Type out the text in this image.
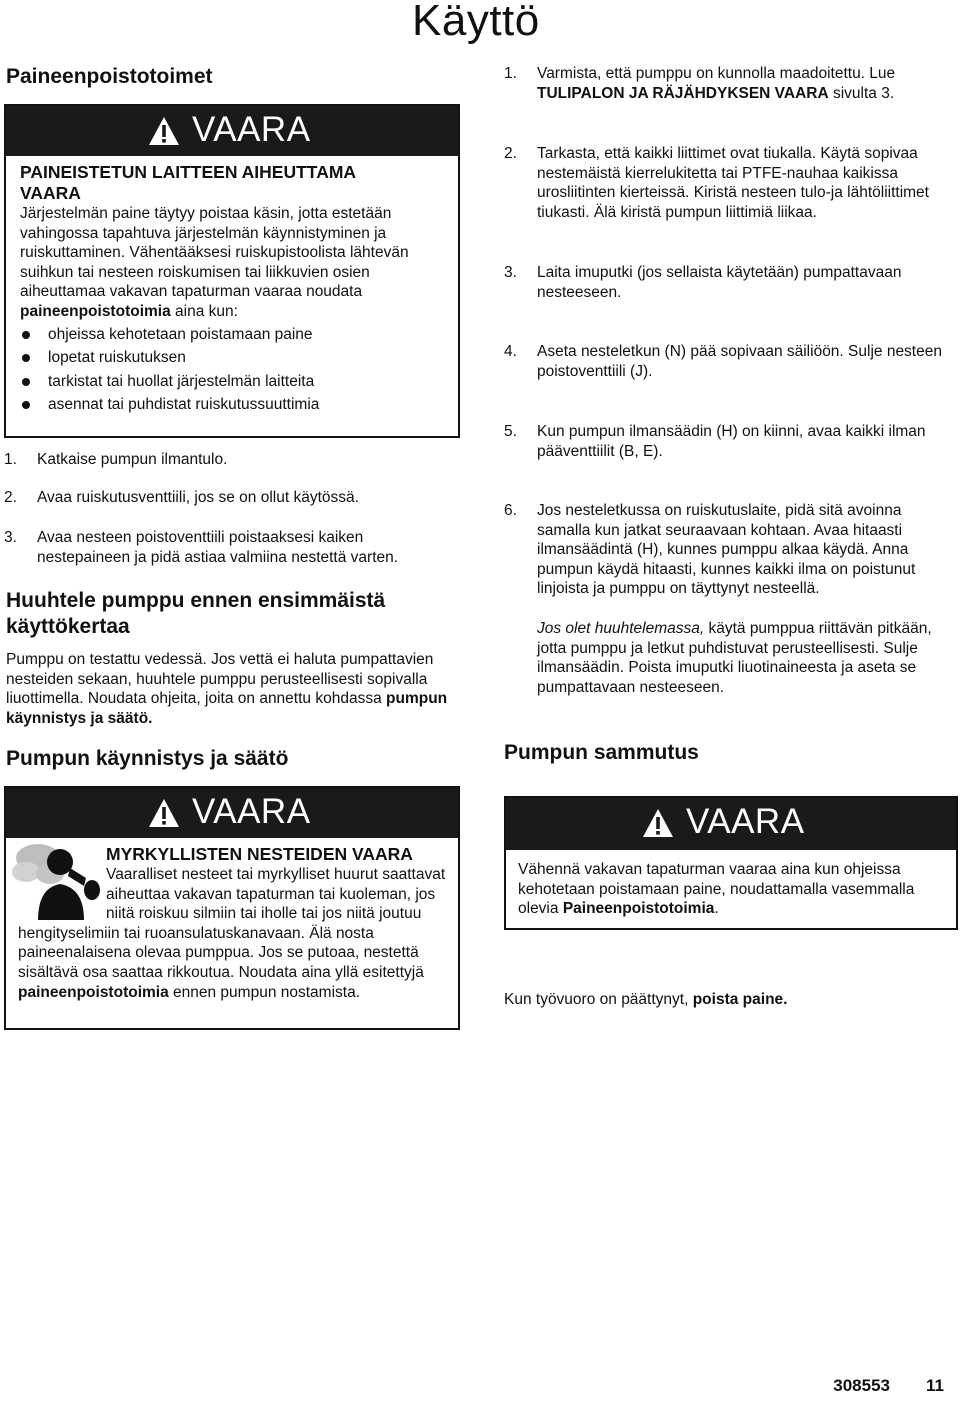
Käyttö
Paineenpoistotoimet
VAARA
PAINEISTETUN LAITTEEN AIHEUTTAMA VAARA
Järjestelmän paine täytyy poistaa käsin, jotta estetään vahingossa tapahtuva järjestelmän käynnistyminen ja ruiskuttaminen. Vähentääksesi ruiskupistoolista lähtevän suihkun tai nesteen roiskumisen tai liikkuvien osien aiheuttamaa vakavan tapaturman vaaraa noudata paineenpoistotoimia aina kun:
ohjeissa kehotetaan poistamaan paine
lopetat ruiskutuksen
tarkistat tai huollat järjestelmän laitteita
asennat tai puhdistat ruiskutussuuttimia
1. Katkaise pumpun ilmantulo.
2. Avaa ruiskutusventtiili, jos se on ollut käytössä.
3. Avaa nesteen poistoventtiili poistaaksesi kaiken nestepaineen ja pidä astiaa valmiina nestettä varten.
Huuhtele pumppu ennen ensimmäistä käyttökertaa
Pumppu on testattu vedessä. Jos vettä ei haluta pumpattavien nesteiden sekaan, huuhtele pumppu perusteellisesti sopivalla liuottimella. Noudata ohjeita, joita on annettu kohdassa pumpun käynnistys ja säätö.
Pumpun käynnistys ja säätö
VAARA
MYRKYLLISTEN NESTEIDEN VAARA
Vaaralliset nesteet tai myrkylliset huurut saattavat aiheuttaa vakavan tapaturman tai kuoleman, jos niitä roiskuu silmiin tai iholle tai jos niitä joutuu hengityselimiin tai ruoansulatuskanavaan. Älä nosta paineenalaisena olevaa pumppua. Jos se putoaa, nestettä sisältävä osa saattaa rikkoutua. Noudata aina yllä esitettyjä paineenpoistotoimia ennen pumpun nostamista.
1. Varmista, että pumppu on kunnolla maadoitettu. Lue TULIPALON JA RÄJÄHDYKSEN VAARA sivulta 3.
2. Tarkasta, että kaikki liittimet ovat tiukalla. Käytä sopivaa nestemäistä kierrelukitetta tai PTFE-nauhaa kaikissa urosliitinten kierteissä. Kiristä nesteen tulo-ja lähtöliittimet tiukasti. Älä kiristä pumpun liittimiä liikaa.
3. Laita imuputki (jos sellaista käytetään) pumpattavaan nesteeseen.
4. Aseta nesteletkun (N) pää sopivaan säiliöön. Sulje nesteen poistoventtiili (J).
5. Kun pumpun ilmansäädin (H) on kiinni, avaa kaikki ilman pääventtiilit (B, E).
6. Jos nesteletkussa on ruiskutuslaite, pidä sitä avoinna samalla kun jatkat seuraavaan kohtaan. Avaa hitaasti ilmansäädintä (H), kunnes pumppu alkaa käydä. Anna pumpun käydä hitaasti, kunnes kaikki ilma on poistunut linjoista ja pumppu on täyttynyt nesteellä.
Jos olet huuhtelemassa, käytä pumppua riittävän pitkään, jotta pumppu ja letkut puhdistuvat perusteellisesti. Sulje ilmansäädin. Poista imuputki liuotinaineesta ja aseta se pumpattavaan nesteeseen.
Pumpun sammutus
VAARA
Vähennä vakavan tapaturman vaaraa aina kun ohjeissa kehotetaan poistamaan paine, noudattamalla vasemmalla olevia Paineenpoistotoimia.
Kun työvuoro on päättynyt, poista paine.
308553 11
